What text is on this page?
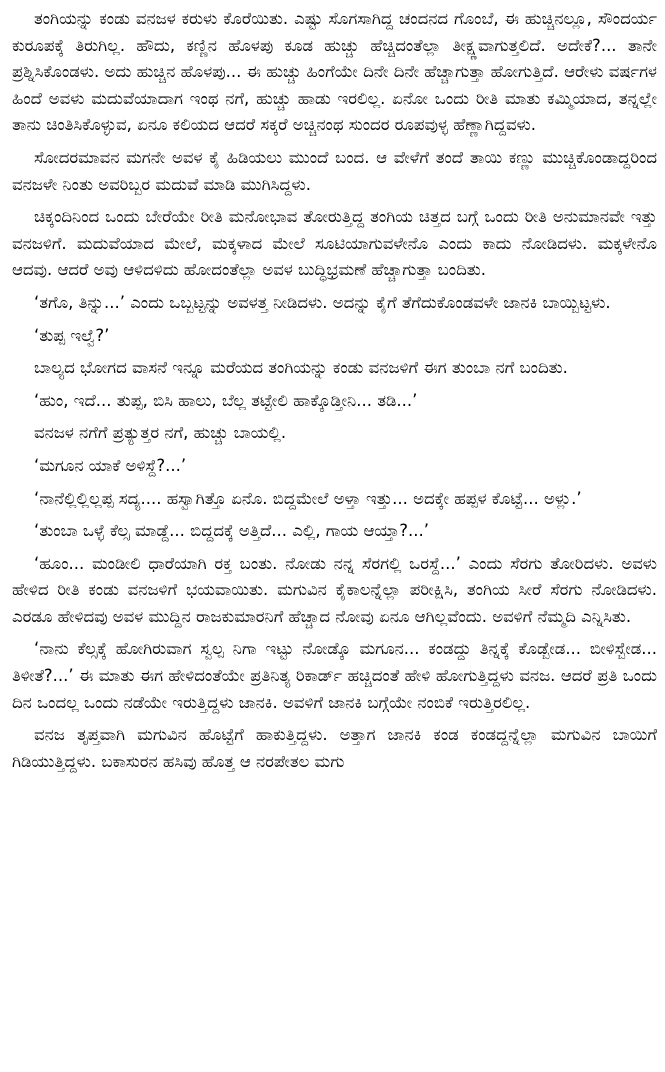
ತಂಗಿಯನ್ನು ಕಂಡು ವನಜಳ ಕರುಳು ಕೊರೆಯಿತು. ಎಷ್ಟು ಸೊಗಸಾಗಿದ್ದ ಚಂದನದ ಗೊಂಬೆ, ಈ ಹುಚ್ಚಿನಲ್ಲೂ, ಸೌಂದರ್ಯ ಕುರೂಪಕ್ಕೆ ತಿರುಗಿಲ್ಲ. ಹೌದು, ಕಣ್ಣಿನ ಹೊಳಪು ಕೂಡ ಹುಚ್ಚು ಹೆಚ್ಚಿದಂತೆಲ್ಲಾ ತೀಕ್ಷ್ಣವಾಗುತ್ತಲಿದೆ. ಅದೇಕೆ?... ತಾನೇ ಪ್ರಶ್ನಿಸಿಕೊಂಡಳು. ಅದು ಹುಚ್ಚಿನ ಹೊಳಪು... ಈ ಹುಚ್ಚು ಹಿಂಗೆಯೇ ದಿನೇ ದಿನೇ ಹೆಚ್ಚಾಗುತ್ತಾ ಹೋಗುತ್ತಿದೆ. ಆರೇಳು ವರ್ಷಗಳ ಹಿಂದೆ ಅವಳು ಮದುವೆಯಾದಾಗ ಇಂಥ ನಗೆ, ಹುಚ್ಚು ಹಾಡು ಇರಲಿಲ್ಲ. ಏನೋ ಒಂದು ರೀತಿ ಮಾತು ಕಮ್ಮಿಯಾದ, ತನ್ನಲ್ಲೇ ತಾನು ಚಿಂತಿಸಿಕೊಳ್ಳುವ, ಏನೂ ಕಲಿಯದ ಆದರೆ ಸಕ್ಕರೆ ಅಚ್ಚಿನಂಥ ಸುಂದರ ರೂಪವುಳ್ಳ ಹೆಣ್ಣಾಗಿದ್ದವಳು.

ಸೋದರಮಾವನ ಮಗನೇ ಅವಳ ಕೈ ಹಿಡಿಯಲು ಮುಂದೆ ಬಂದ. ಆ ವೇಳೆಗೆ ತಂದೆ ತಾಯಿ ಕಣ್ಣು ಮುಚ್ಚಿಕೊಂಡಾದ್ದರಿಂದ ವನಜಳೇ ನಿಂತು ಅವರಿಬ್ಬರ ಮದುವೆ ಮಾಡಿ ಮುಗಿಸಿದ್ದಳು.

ಚಿಕ್ಕಂದಿನಿಂದ ಒಂದು ಬೇರೆಯೇ ರೀತಿ ಮನೋಭಾವ ತೋರುತ್ತಿದ್ದ ತಂಗಿಯ ಚಿತ್ತದ ಬಗ್ಗೆ ಒಂದು ರೀತಿ ಅನುಮಾನವೇ ಇತ್ತು ವನಜಳಿಗೆ. ಮದುವೆಯಾದ ಮೇಲೆ, ಮಕ್ಕಳಾದ ಮೇಲೆ ಸೂಟಿಯಾಗುವಳೇನೊ ಎಂದು ಕಾದು ನೋಡಿದಳು. ಮಕ್ಕಳೇನೊ ಆದವು. ಆದರೆ ಅವು ಆಳಿದಳಿದು ಹೋದಂತೆಲ್ಲಾ ಅವಳ ಬುದ್ಧಿಭ್ರಮಣೆ ಹೆಚ್ಚಾಗುತ್ತಾ ಬಂದಿತು.

‘ತಗೊ, ತಿನ್ನು...’ ಎಂದು ಒಬ್ಬಟ್ಟನ್ನು ಅವಳತ್ತ ನೀಡಿದಳು. ಅದನ್ನು ಕೈಗೆ ತೆಗೆದುಕೊಂಡವಳೇ ಜಾನಕಿ ಬಾಯ್ಬಿಟ್ಟಳು.

‘ತುಪ್ಪ ಇಲ್ವೆ?’

ಬಾಲ್ಯದ ಭೋಗದ ವಾಸನೆ ಇನ್ನೂ ಮರೆಯದ ತಂಗಿಯನ್ನು ಕಂಡು ವನಜಳಿಗೆ ಈಗ ತುಂಬಾ ನಗೆ ಬಂದಿತು.

‘ಹುಂ, ಇದೆ... ತುಪ್ಪ, ಬಿಸಿ ಹಾಲು, ಬೆಲ್ಲ ತಟ್ಟೇಲಿ ಹಾಕ್ಕೊಡ್ತೀನಿ... ತಡಿ...’

ವನಜಳ ನಗೆಗೆ ಪ್ರತ್ಯುತ್ತರ ನಗೆ, ಹುಚ್ಚು ಬಾಯಲ್ಲಿ.

‘ಮಗೂನ ಯಾಕೆ ಅಳಿಸ್ದೆ?...’

‘ನಾನೆಲ್ಲಿಲ್ಲಿಲ್ಲಪ್ಪ ಸದ್ಯ.... ಹಸ್ವಾಗಿತ್ತೊ ಏನೊ. ಬಿದ್ದಮೇಲೆ ಅಳ್ತಾ ಇತ್ತು... ಅದಕ್ಕೇ ಹಪ್ಪಳ ಕೊಟ್ಟೆ... ಅಳ್ಲು.’

‘ತುಂಬಾ ಒಳ್ಳೆ ಕೆಲ್ಸ ಮಾಡ್ದೆ... ಬಿದ್ದದಕ್ಕೆ ಅತ್ತಿದೆ... ಎಲ್ಲಿ, ಗಾಯ ಆಯ್ತಾ?...’

‘ಹೂಂ... ಮಂಡೀಲಿ ಧಾರೆಯಾಗಿ ರಕ್ತ ಬಂತು. ನೋಡು ನನ್ನ ಸೆರಗಲ್ಲಿ ಒರಸ್ದೆ...’ ಎಂದು ಸೆರಗು ತೋರಿದಳು. ಅವಳು ಹೇಳಿದ ರೀತಿ ಕಂಡು ವನಜಳಿಗೆ ಭಯವಾಯಿತು. ಮಗುವಿನ ಕೈಕಾಲನ್ನೆಲ್ಲಾ ಪರೀಕ್ಷಿಸಿ, ತಂಗಿಯ ಸೀರೆ ಸೆರಗು ನೋಡಿದಳು. ಎರಡೂ ಹೇಳಿದವು ಅವಳ ಮುದ್ದಿನ ರಾಜಕುಮಾರನಿಗೆ ಹೆಚ್ಚಾದ ನೋವು ಏನೂ ಆಗಿಲ್ಲವೆಂದು. ಅವಳಿಗೆ ನೆಮ್ಮದಿ ಎನ್ನಿಸಿತು.

‘ನಾನು ಕೆಲ್ಸಕ್ಕೆ ಹೋಗಿರುವಾಗ ಸ್ವಲ್ಪ ನಿಗಾ ಇಟ್ಟು ನೋಡ್ಕೊ ಮಗೂನ... ಕಂಡದ್ದು ತಿನ್ನಕ್ಕೆ ಕೊಡ್ಬೇಡ... ಬೀಳಿಸ್ಬೇಡ... ತಿಳೀತೆ?...’ ಈ ಮಾತು ಈಗ ಹೇಳಿದಂತೆಯೇ ಪ್ರತಿನಿತ್ಯ ರಿಕಾರ್ಡ್ ಹಚ್ಚಿದಂತೆ ಹೇಳಿ ಹೋಗುತ್ತಿದ್ದಳು ವನಜ. ಆದರೆ ಪ್ರತಿ ಒಂದು ದಿನ ಒಂದಲ್ಲ ಒಂದು ನಡೆಯೇ ಇರುತ್ತಿದ್ದಳು ಜಾನಕಿ. ಅವಳಿಗೆ ಜಾನಕಿ ಬಗ್ಗೆಯೇ ನಂಬಿಕೆ ಇರುತ್ತಿರಲಿಲ್ಲ.

ವನಜ ತೃಪ್ತವಾಗಿ ಮಗುವಿನ ಹೊಟ್ಟೆಗೆ ಹಾಕುತ್ತಿದ್ದಳು. ಅತ್ತಾಗ ಜಾನಕಿ ಕಂಡ ಕಂಡದ್ದನ್ನೆಲ್ಲಾ ಮಗುವಿನ ಬಾಯಿಗೆ ಗಿಡಿಯುತ್ತಿದ್ದಳು. ಬಕಾಸುರನ ಹಸಿವು ಹೊತ್ತ ಆ ನರಪೇತಲ ಮಗು
